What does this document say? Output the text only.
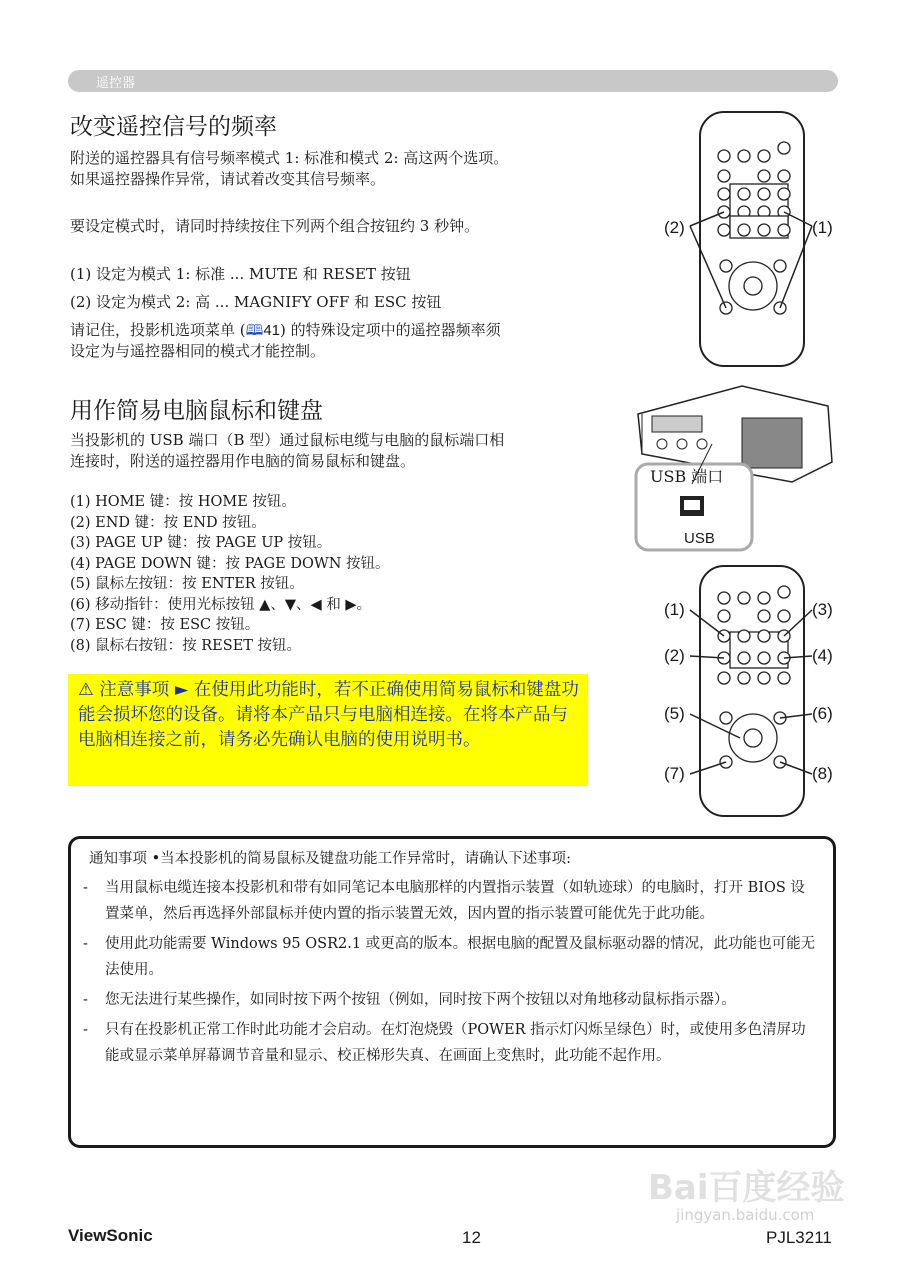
遥控器
改变遥控信号的频率
附送的遥控器具有信号频率模式 1: 标准和模式 2: 高这两个选项。如果遥控器操作异常，请试着改变其信号频率。
要设定模式时，请同时持续按住下列两个组合按钮约 3 秒钟。
(1) 设定为模式 1: 标准 ... MUTE 和 RESET 按钮
(2) 设定为模式 2: 高 ... MAGNIFY OFF 和 ESC 按钮
请记住，投影机选项菜单 (🕮41) 的特殊设定项中的遥控器频率须设定为与遥控器相同的模式才能控制。
用作简易电脑鼠标和键盘
当投影机的 USB 端口（B 型）通过鼠标电缆与电脑的鼠标端口相连接时，附送的遥控器用作电脑的简易鼠标和键盘。
(1) HOME 键：按 HOME 按钮。
(2) END 键：按 END 按钮。
(3) PAGE UP 键：按 PAGE UP 按钮。
(4) PAGE DOWN 键：按 PAGE DOWN 按钮。
(5) 鼠标左按钮：按 ENTER 按钮。
(6) 移动指针：使用光标按钮 ▲、▼、◀ 和 ▶。
(7) ESC 键：按 ESC 按钮。
(8) 鼠标右按钮：按 RESET 按钮。
⚠ 注意事项 ► 在使用此功能时，若不正确使用简易鼠标和键盘功能会损坏您的设备。请将本产品只与电脑相连接。在将本产品与电脑相连接之前，请务必先确认电脑的使用说明书。
(2)	(1)
USB 端口
USB
(1)	(3)
(2)	(4)
(5)	(6)
(7)	(8)
通知事项 •当本投影机的简易鼠标及键盘功能工作异常时，请确认下述事项:
-	当用鼠标电缆连接本投影机和带有如同笔记本电脑那样的内置指示装置（如轨迹球）的电脑时，打开 BIOS 设置菜单，然后再选择外部鼠标并使内置的指示装置无效，因内置的指示装置可能优先于此功能。
-	使用此功能需要 Windows 95 OSR2.1 或更高的版本。根据电脑的配置及鼠标驱动器的情况，此功能也可能无法使用。
-	您无法进行某些操作，如同时按下两个按钮（例如，同时按下两个按钮以对角地移动鼠标指示器）。
-	只有在投影机正常工作时此功能才会启动。在灯泡烧毁（POWER 指示灯闪烁呈绿色）时，或使用多色清屏功能或显示菜单屏幕调节音量和显示、校正梯形失真、在画面上变焦时，此功能不起作用。
Bai百度经验
jingyan.baidu.com
ViewSonic	12	PJL3211
